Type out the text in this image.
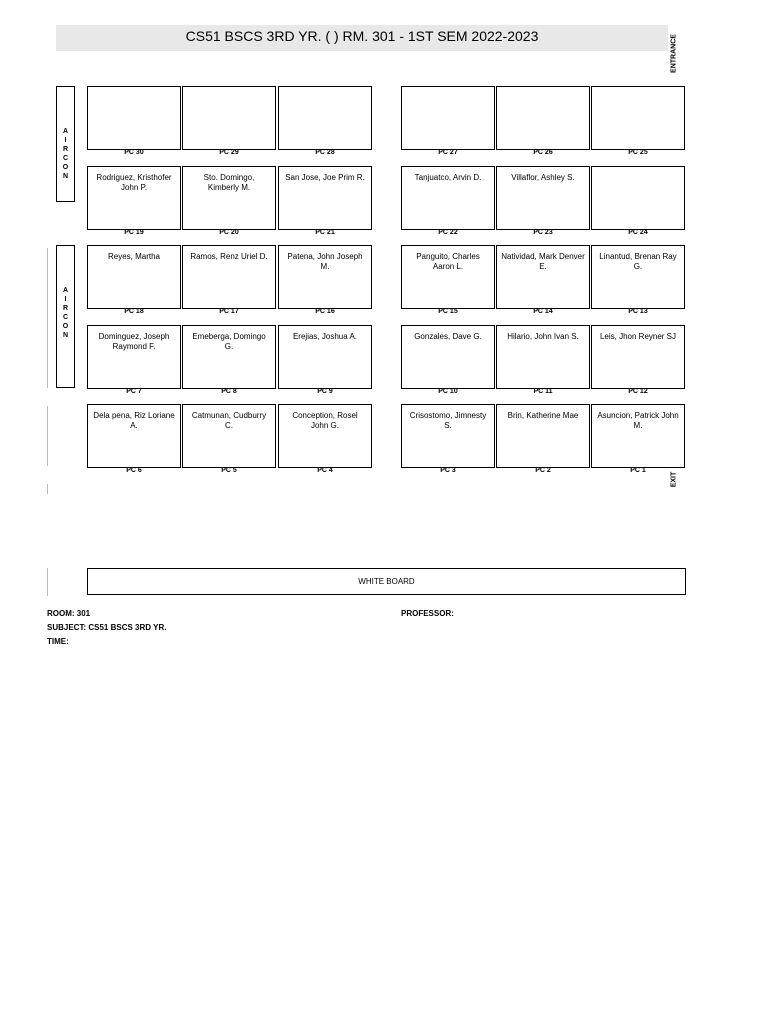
CS51 BSCS 3RD YR. ( ) RM. 301 - 1ST SEM 2022-2023	ENTRANCE
EXIT
A
I
R
C
O
N
A
I
R
C
O
N
PC 30	PC 29	PC 28	PC 27	PC 26	PC 25
Rodriguez, Kristhofer John P.
PC 19
Sto. Domingo, Kimberly M.
PC 20
San Jose, Joe Prim R.
PC 21
Tanjuatco, Arvin D.
PC 22
Villaflor, Ashley S.
PC 23	PC 24
Reyes, Martha
PC 18
Ramos, Renz Uriel D.
PC 17
Patena, John Joseph M.
PC 16
Panguito, Charles Aaron L.
PC 15
Natividad, Mark Denver E.
PC 14
Linantud, Brenan Ray G.
PC 13
Dominguez, Joseph Raymond F.
PC 7
Emeberga, Domingo G.
PC 8
Erejias, Joshua A.
PC 9
Gonzales, Dave G.
PC 10
Hilario, John Ivan S.
PC 11
Leis, Jhon Reyner SJ
PC 12
Dela pena, Riz Loriane A.
PC 6
Catmunan, Cudburry C.
PC 5
Conception, Rosel John G.
PC 4
Crisostomo, Jimnesty S.
PC 3
Brin, Katherine Mae
PC 2
Asuncion, Patrick John M.
PC 1
WHITE BOARD
ROOM: 301
SUBJECT: CS51 BSCS 3RD YR.
TIME:
PROFESSOR:
